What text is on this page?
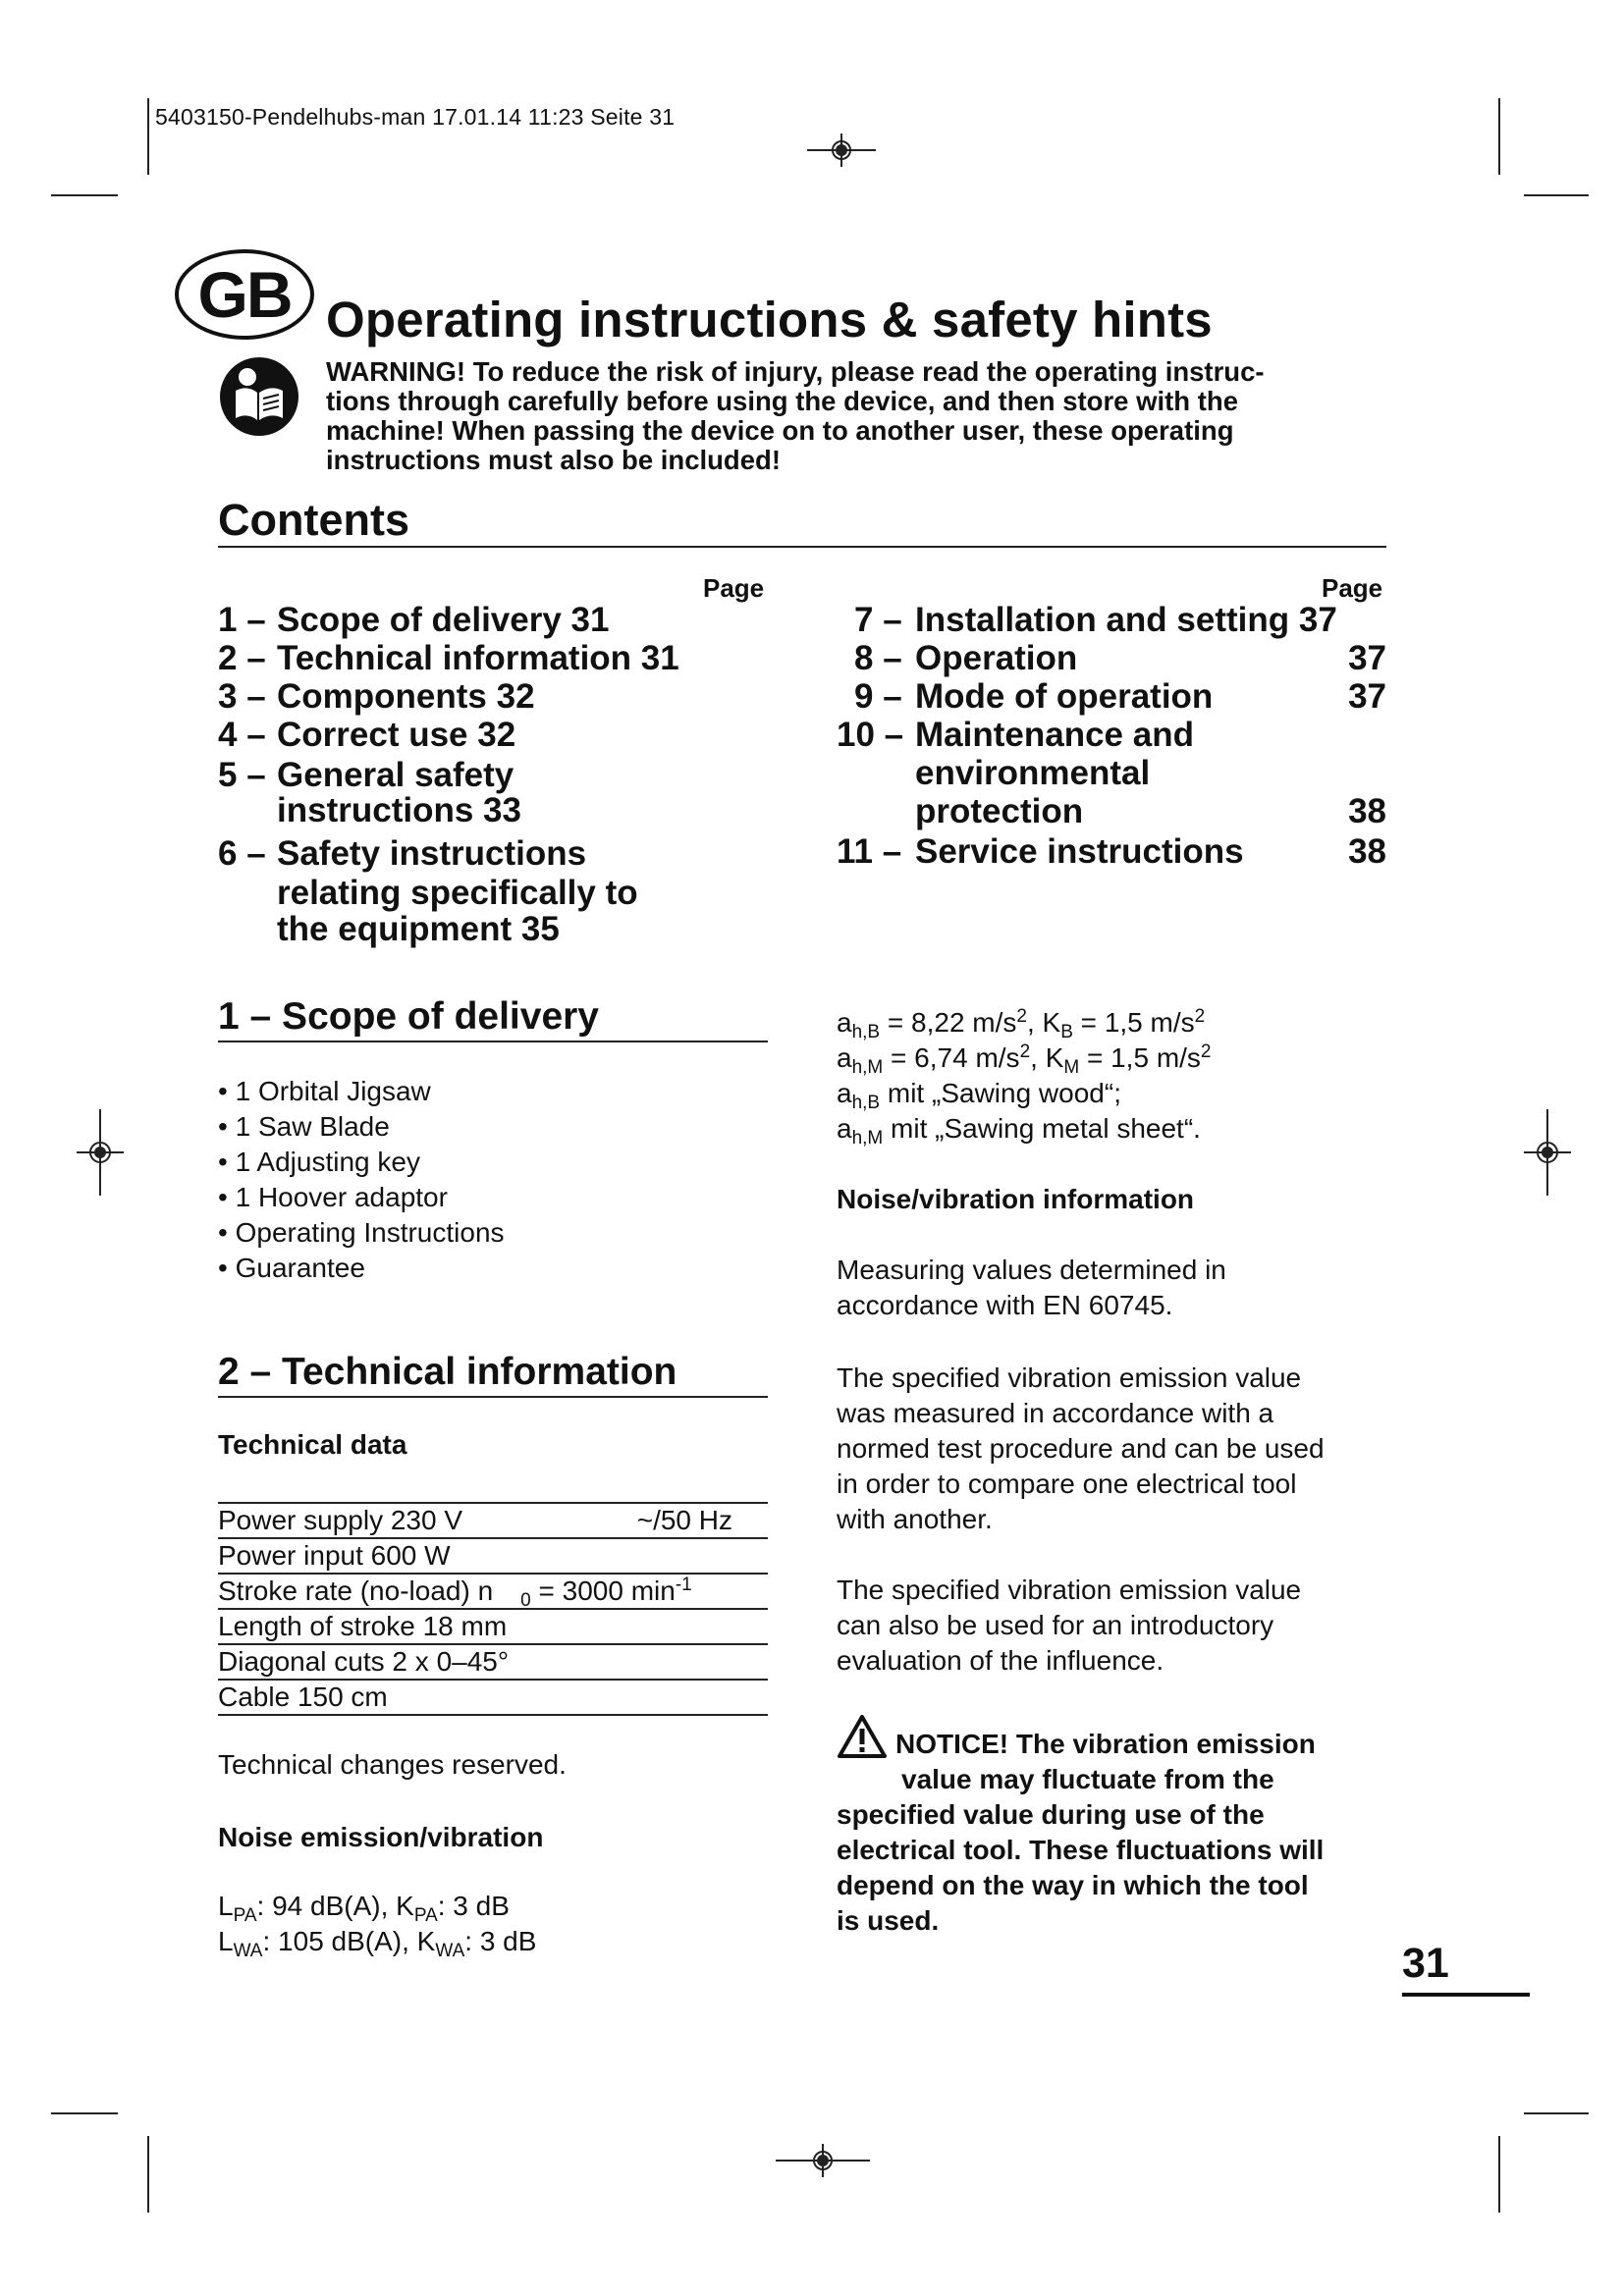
5403150-Pendelhubs-man 17.01.14 11:23 Seite 31
GB Operating instructions & safety hints
WARNING! To reduce the risk of injury, please read the operating instruc-
tions through carefully before using the device, and then store with the
machine! When passing the device on to another user, these operating
instructions must also be included!
Contents
Page	Page
1 – Scope of delivery 31
2 – Technical information 31
3 – Components 32
4 – Correct use 32
5 – General safety
instructions 33
6 – Safety instructions
relating specifically to
the equipment 35
7 – Installation and setting 37
8 – Operation	37
9 – Mode of operation	37
10 – Maintenance and
environmental
protection	38
11 – Service instructions	38
1 – Scope of delivery
• 1 Orbital Jigsaw
• 1 Saw Blade
• 1 Adjusting key
• 1 Hoover adaptor
• Operating Instructions
• Guarantee
2 – Technical information
Technical data
Power supply 230 V	~/50 Hz
Power input 600 W
Stroke rate (no-load) n $_0$ = 3000 $\min^{-1}$
Length of stroke 18 mm
Diagonal cuts 2 x 0–45°
Cable 150 cm
Technical changes reserved.
Noise emission/vibration
$L_{PA}$: 94 dB(A), $K_{PA}$: 3 dB
$L_{WA}$: 105 dB(A), $K_{WA}$: 3 dB
$a_{h,B} = 8,22$ $m/s^2$, $K_B = 1,5$ $m/s^2$
$a_{h,M} = 6,74$ $m/s^2$, $K_M = 1,5$ $m/s^2$
$a_{h,B}$ mit „Sawing wood“;
$a_{h,M}$ mit „Sawing metal sheet“.
Noise/vibration information
Measuring values determined in
accordance with EN 60745.
The specified vibration emission value
was measured in accordance with a
normed test procedure and can be used
in order to compare one electrical tool
with another.
The specified vibration emission value
can also be used for an introductory
evaluation of the influence.
NOTICE! The vibration emission
value may fluctuate from the
specified value during use of the
electrical tool. These fluctuations will
depend on the way in which the tool
is used.
31
